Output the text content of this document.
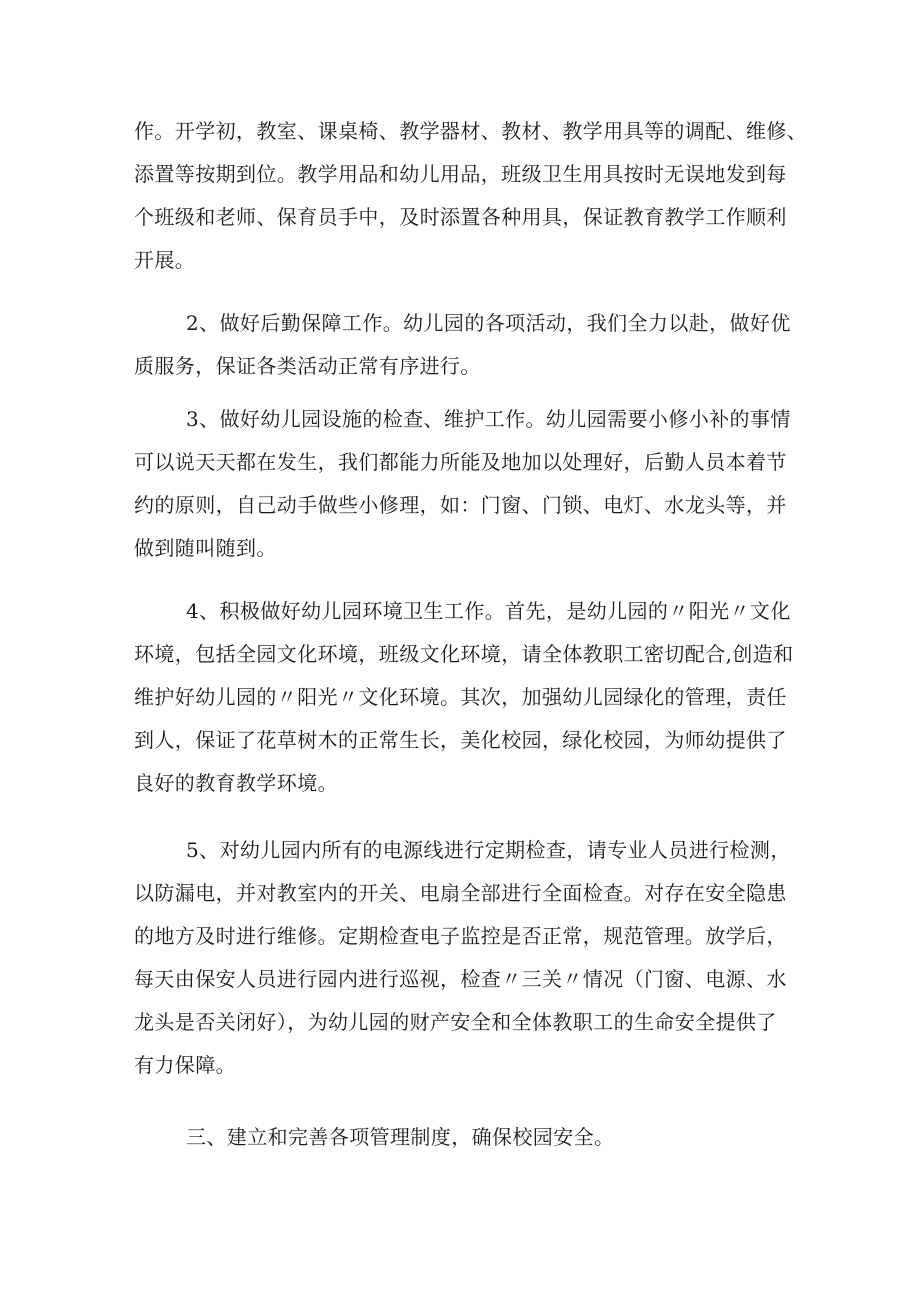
作。开学初，教室、课桌椅、教学器材、教材、教学用具等的调配、维修、
添置等按期到位。教学用品和幼儿用品，班级卫生用具按时无误地发到每
个班级和老师、保育员手中，及时添置各种用具，保证教育教学工作顺利
开展。
2、做好后勤保障工作。幼儿园的各项活动，我们全力以赴，做好优
质服务，保证各类活动正常有序进行。
3、做好幼儿园设施的检查、维护工作。幼儿园需要小修小补的事情
可以说天天都在发生，我们都能力所能及地加以处理好，后勤人员本着节
约的原则，自己动手做些小修理，如：门窗、门锁、电灯、水龙头等，并
做到随叫随到。
4、积极做好幼儿园环境卫生工作。首先，是幼儿园的〃阳光〃文化
环境，包括全园文化环境，班级文化环境，请全体教职工密切配合,创造和
维护好幼儿园的〃阳光〃文化环境。其次，加强幼儿园绿化的管理，责任
到人，保证了花草树木的正常生长，美化校园，绿化校园，为师幼提供了
良好的教育教学环境。
5、对幼儿园内所有的电源线进行定期检查，请专业人员进行检测，
以防漏电，并对教室内的开关、电扇全部进行全面检查。对存在安全隐患
的地方及时进行维修。定期检查电子监控是否正常，规范管理。放学后，
每天由保安人员进行园内进行巡视，检查〃三关〃情况（门窗、电源、水
龙头是否关闭好），为幼儿园的财产安全和全体教职工的生命安全提供了
有力保障。
三、建立和完善各项管理制度，确保校园安全。
